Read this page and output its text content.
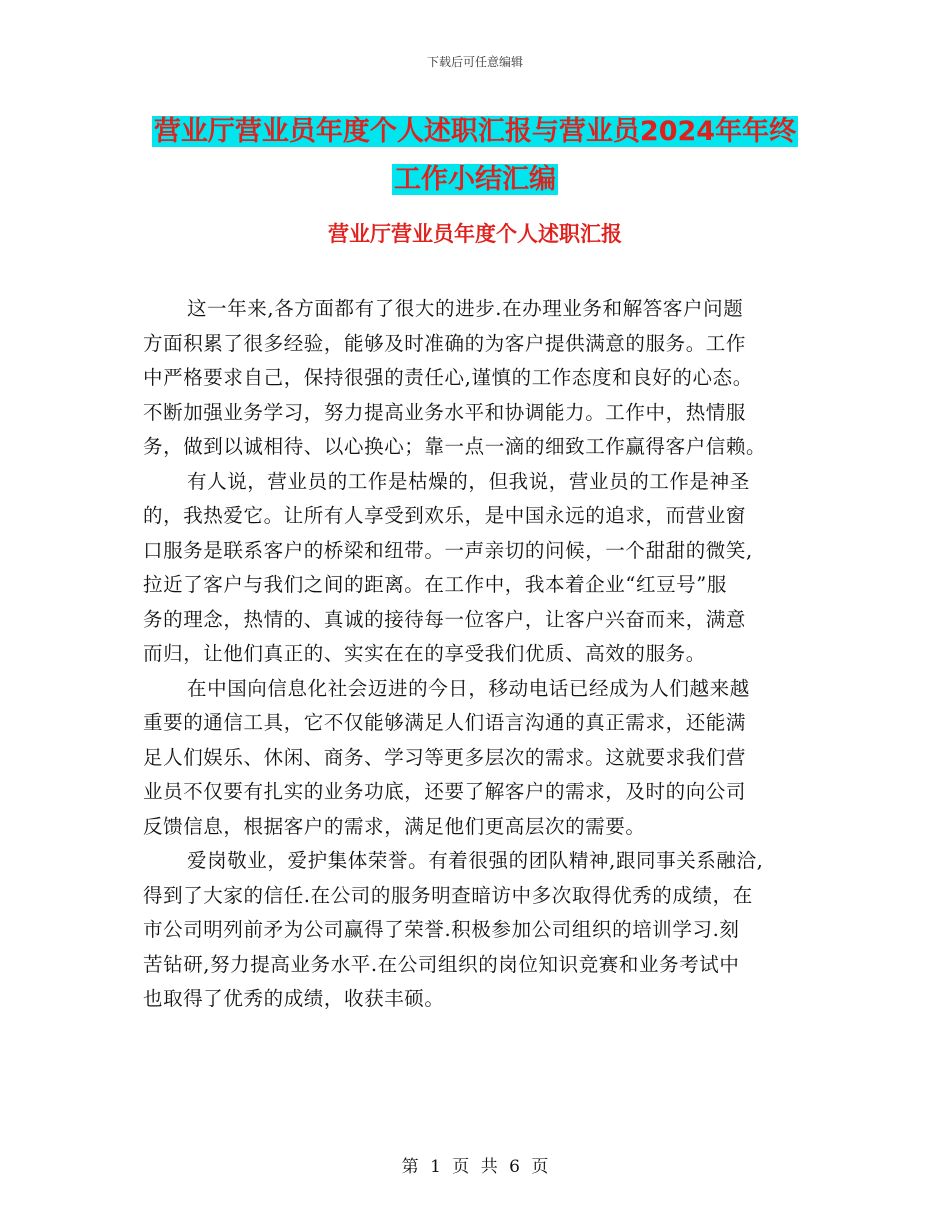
下载后可任意编辑
营业厅营业员年度个人述职汇报与营业员2024年年终
工作小结汇编
营业厅营业员年度个人述职汇报
这一年来,各方面都有了很大的进步.在办理业务和解答客户问题
方面积累了很多经验，能够及时准确的为客户提供满意的服务。工作
中严格要求自己，保持很强的责任心,谨慎的工作态度和良好的心态。
不断加强业务学习，努力提高业务水平和协调能力。工作中，热情服
务，做到以诚相待、以心换心；靠一点一滴的细致工作赢得客户信赖。
有人说，营业员的工作是枯燥的，但我说，营业员的工作是神圣
的，我热爱它。让所有人享受到欢乐，是中国永远的追求，而营业窗
口服务是联系客户的桥梁和纽带。一声亲切的问候，一个甜甜的微笑,
拉近了客户与我们之间的距离。在工作中，我本着企业“红豆号”服
务的理念，热情的、真诚的接待每一位客户，让客户兴奋而来，满意
而归，让他们真正的、实实在在的享受我们优质、高效的服务。
在中国向信息化社会迈进的今日，移动电话已经成为人们越来越
重要的通信工具，它不仅能够满足人们语言沟通的真正需求，还能满
足人们娱乐、休闲、商务、学习等更多层次的需求。这就要求我们营
业员不仅要有扎实的业务功底，还要了解客户的需求，及时的向公司
反馈信息，根据客户的需求，满足他们更高层次的需要。
爱岗敬业，爱护集体荣誉。有着很强的团队精神,跟同事关系融洽,
得到了大家的信任.在公司的服务明查暗访中多次取得优秀的成绩，在
市公司明列前矛为公司赢得了荣誉.积极参加公司组织的培训学习.刻
苦钻研,努力提高业务水平.在公司组织的岗位知识竞赛和业务考试中
也取得了优秀的成绩，收获丰硕。
第 1 页 共 6 页
